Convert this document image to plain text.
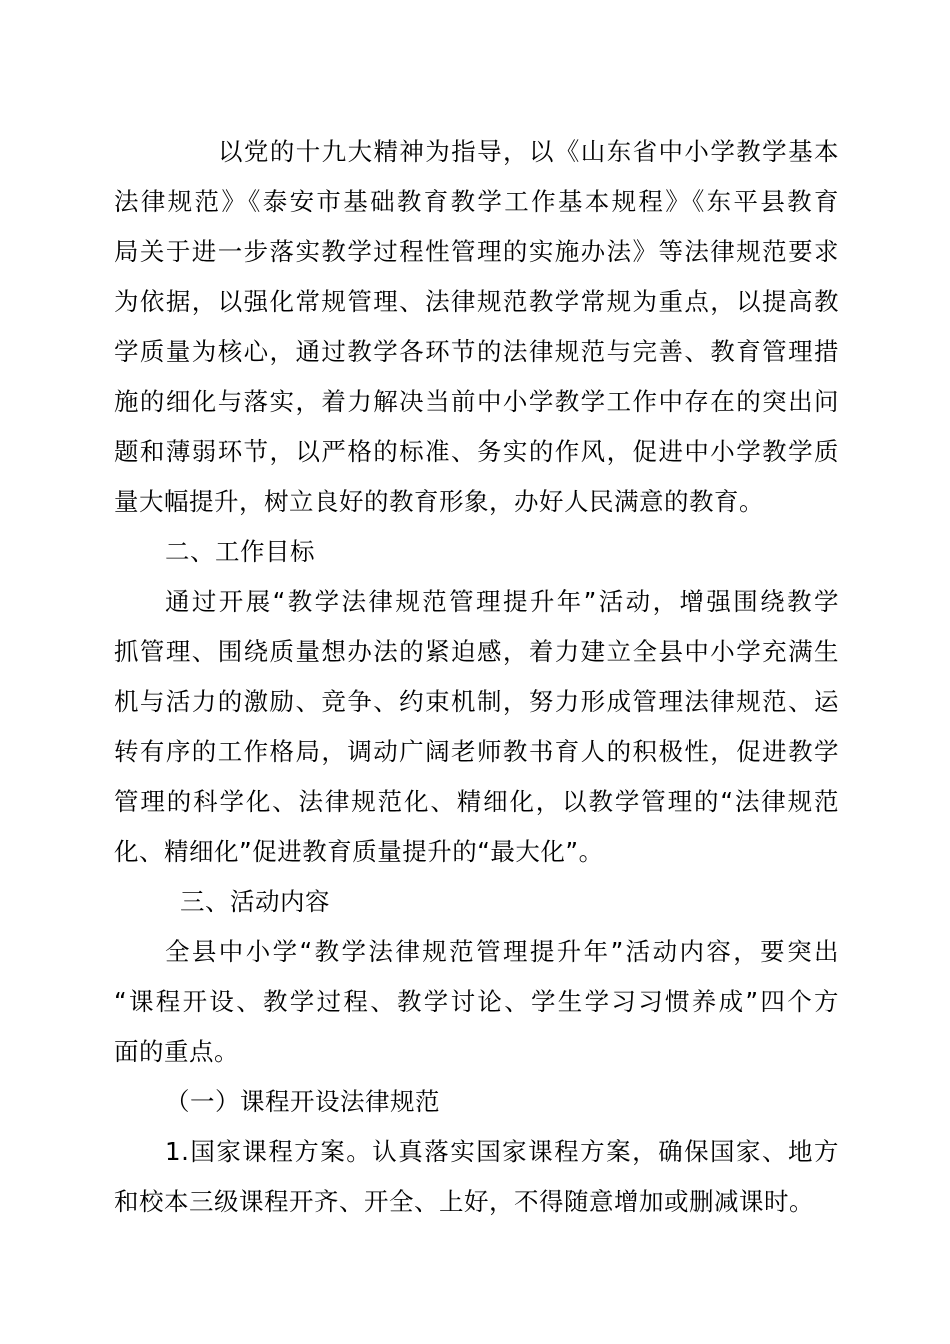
以党的十九大精神为指导，以《山东省中小学教学基本
法律规范》《泰安市基础教育教学工作基本规程》《东平县教育
局关于进一步落实教学过程性管理的实施办法》等法律规范要求
为依据，以强化常规管理、法律规范教学常规为重点，以提高教
学质量为核心，通过教学各环节的法律规范与完善、教育管理措
施的细化与落实，着力解决当前中小学教学工作中存在的突出问
题和薄弱环节，以严格的标准、务实的作风，促进中小学教学质
量大幅提升，树立良好的教育形象，办好人民满意的教育。
二、工作目标
通过开展“教学法律规范管理提升年”活动，增强围绕教学
抓管理、围绕质量想办法的紧迫感，着力建立全县中小学充满生
机与活力的激励、竞争、约束机制，努力形成管理法律规范、运
转有序的工作格局，调动广阔老师教书育人的积极性，促进教学
管理的科学化、法律规范化、精细化，以教学管理的“法律规范
化、精细化”促进教育质量提升的“最大化”。
三、活动内容
全县中小学“教学法律规范管理提升年”活动内容，要突出
“课程开设、教学过程、教学讨论、学生学习习惯养成”四个方
面的重点。
（一）课程开设法律规范
1.国家课程方案。认真落实国家课程方案，确保国家、地方
和校本三级课程开齐、开全、上好，不得随意增加或删减课时。
